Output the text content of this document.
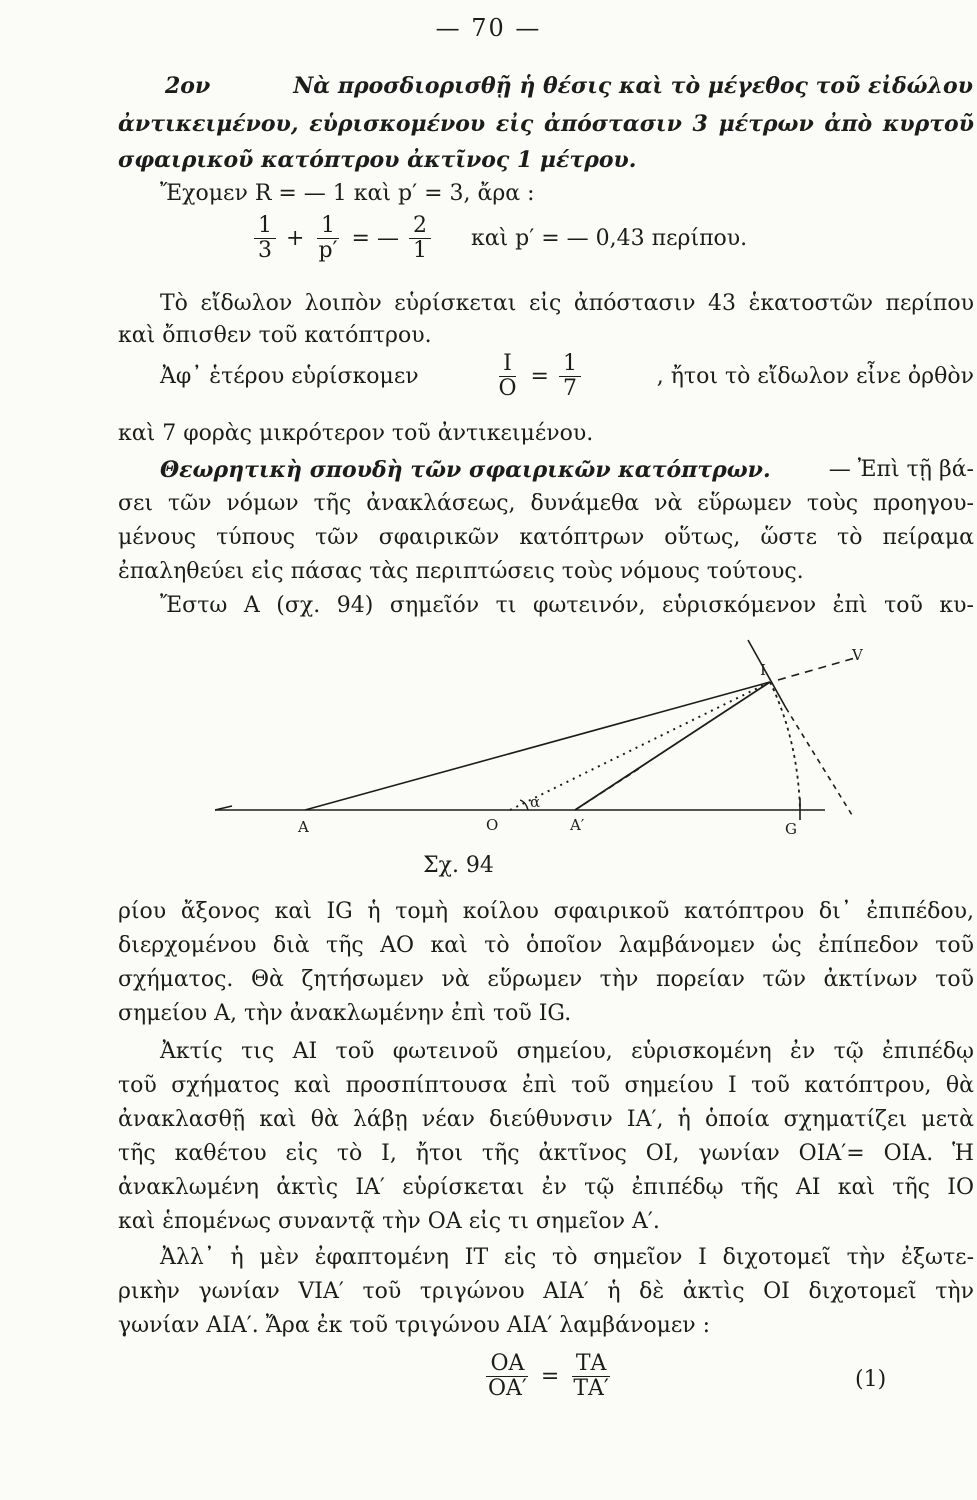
— 70 —
2ον	Νὰ προσδιορισθῇ ἡ θέσις καὶ τὸ μέγεθος τοῦ εἰδώλου
ἀντικειμένου, εὑρισκομένου εἰς ἀπόστασιν 3 μέτρων ἀπὸ κυρτοῦ
σφαιρικοῦ κατόπτρου ἀκτῖνος 1 μέτρου.
Ἔχομεν R = — 1 καὶ p′ = 3, ἄρα :
$\frac{1}{3} + \frac{1}{p'}$ = — $\frac{2}{1}$ καὶ p′ = — 0,43 περίπου.
Τὸ εἴδωλον λοιπὸν εὑρίσκεται εἰς ἀπόστασιν 43 ἑκατοστῶν περίπου
καὶ ὄπισθεν τοῦ κατόπτρου.
Ἀφ᾽ ἑτέρου εὑρίσκομεν	$\frac{I}{O} = \frac{1}{7}$	, ἤτοι τὸ εἴδωλον εἶνε ὀρθὸν
καὶ 7 φορὰς μικρότερον τοῦ ἀντικειμένου.
Θεωρητικὴ σπουδὴ τῶν σφαιρικῶν κατόπτρων.	— Ἐπὶ τῇ βά-
σει τῶν νόμων τῆς ἀνακλάσεως, δυνάμεθα νὰ εὕρωμεν τοὺς προηγου-
μένους τύπους τῶν σφαιρικῶν κατόπτρων οὕτως, ὥστε τὸ πείραμα
ἐπαληθεύει εἰς πάσας τὰς περιπτώσεις τοὺς νόμους τούτους.
Ἔστω Α (σχ. 94) σημεῖόν τι φωτεινόν, εὑρισκόμενον ἐπὶ τοῦ κυ-
A	O	A′	G
I
V
α
Σχ. 94
ρίου ἄξονος καὶ IG ἡ τομὴ κοίλου σφαιρικοῦ κατόπτρου δι᾽ ἐπιπέδου,
διερχομένου διὰ τῆς ΑΟ καὶ τὸ ὁποῖον λαμβάνομεν ὡς ἐπίπεδον τοῦ
σχήματος. Θὰ ζητήσωμεν νὰ εὕρωμεν τὴν πορείαν τῶν ἀκτίνων τοῦ
σημείου Α, τὴν ἀνακλωμένην ἐπὶ τοῦ IG.
Ἀκτίς τις ΑΙ τοῦ φωτεινοῦ σημείου, εὑρισκομένη ἐν τῷ ἐπιπέδῳ
τοῦ σχήματος καὶ προσπίπτουσα ἐπὶ τοῦ σημείου Ι τοῦ κατόπτρου, θὰ
ἀνακλασθῇ καὶ θὰ λάβῃ νέαν διεύθυνσιν ΙΑ′, ἡ ὁποία σχηματίζει μετὰ
τῆς καθέτου εἰς τὸ Ι, ἤτοι τῆς ἀκτῖνος ΟΙ, γωνίαν ΟΙΑ′= ΟΙΑ. Ἡ
ἀνακλωμένη ἀκτὶς ΙΑ′ εὑρίσκεται ἐν τῷ ἐπιπέδῳ τῆς ΑΙ καὶ τῆς ΙΟ
καὶ ἑπομένως συναντᾷ τὴν ΟΑ εἰς τι σημεῖον Α′.
Ἀλλ᾽ ἡ μὲν ἐφαπτομένη ΙΤ εἰς τὸ σημεῖον Ι διχοτομεῖ τὴν ἐξωτε-
ρικὴν γωνίαν VΙΑ′ τοῦ τριγώνου ΑΙΑ′ ἡ δὲ ἀκτὶς ΟΙ διχοτομεῖ τὴν
γωνίαν ΑΙΑ′. Ἄρα ἐκ τοῦ τριγώνου ΑΙΑ′ λαμβάνομεν :
$\frac{OA}{OA'} = \frac{TA}{TA'}$	(1)
